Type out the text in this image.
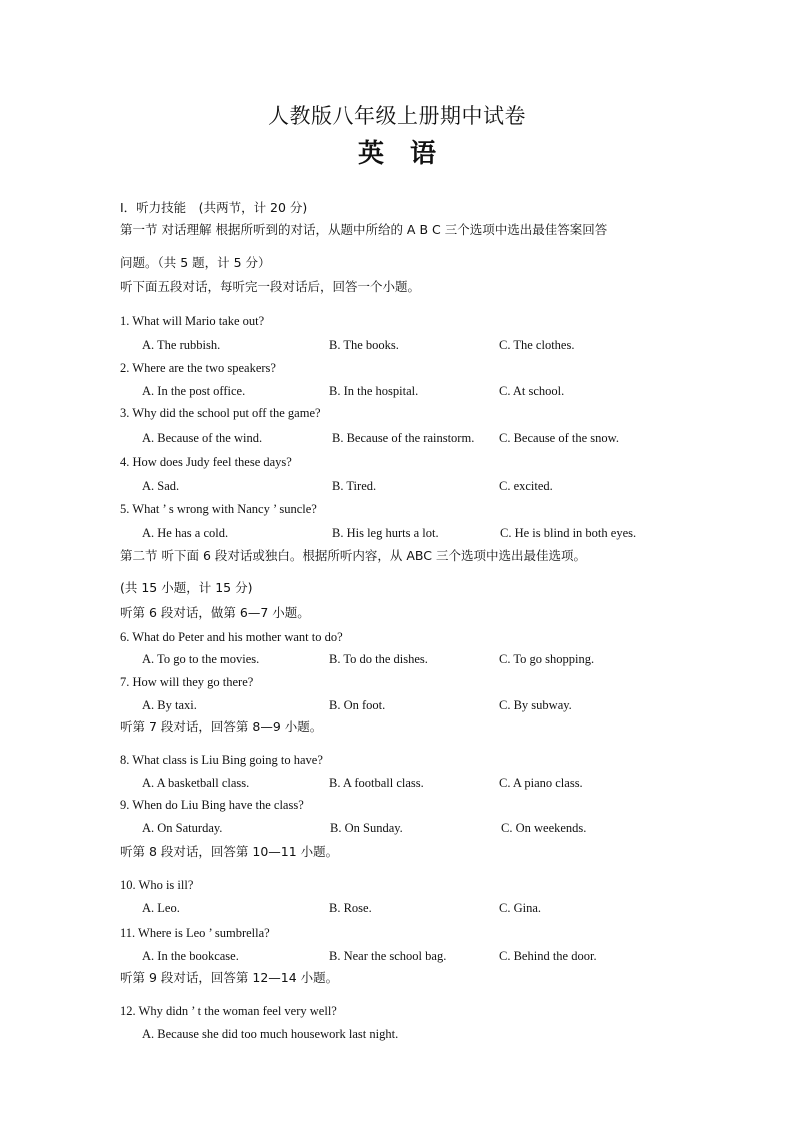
人教版八年级上册期中试卷
英　语
I．听力技能　(共两节，计 20 分)
第一节 对话理解 根据所听到的对话，从题中所给的 A B C 三个选项中选出最佳答案回答
问题。（共 5 题，计 5 分）
听下面五段对话，每听完一段对话后，回答一个小题。
1. What will Mario take out?
A. The rubbish.	B. The books.	C. The clothes.
2. Where are the two speakers?
A. In the post office.	B. In the hospital.	C. At school.
3. Why did the school put off the game?
A. Because of the wind.	B. Because of the rainstorm. C. Because of the snow.
4. How does Judy feel these days?
A. Sad.	B. Tired.	C. excited.
5. What ’ s wrong with Nancy ’ suncle?
A. He has a cold.	B. His leg hurts a lot.	C. He is blind in both eyes.
第二节 听下面 6 段对话或独白。根据所听内容，从 ABC 三个选项中选出最佳选项。
(共 15 小题，计 15 分)
听第 6 段对话，做第 6—7 小题。
6. What do Peter and his mother want to do?
A. To go to the movies.	B. To do the dishes.	C. To go shopping.
7. How will they go there?
A. By taxi.	B. On foot.	C. By subway.
听第 7 段对话，回答第 8—9 小题。
8. What class is Liu Bing going to have?
A. A basketball class.	B. A football class.	C. A piano class.
9. When do Liu Bing have the class?
A. On Saturday.	B. On Sunday.	C. On weekends.
听第 8 段对话，回答第 10—11 小题。
10. Who is ill?
A. Leo.	B. Rose.	C. Gina.
11. Where is Leo ’ sumbrella?
A. In the bookcase.	B. Near the school bag.	C. Behind the door.
听第 9 段对话，回答第 12—14 小题。
12. Why didn ’ t the woman feel very well?
A. Because she did too much housework last night.
